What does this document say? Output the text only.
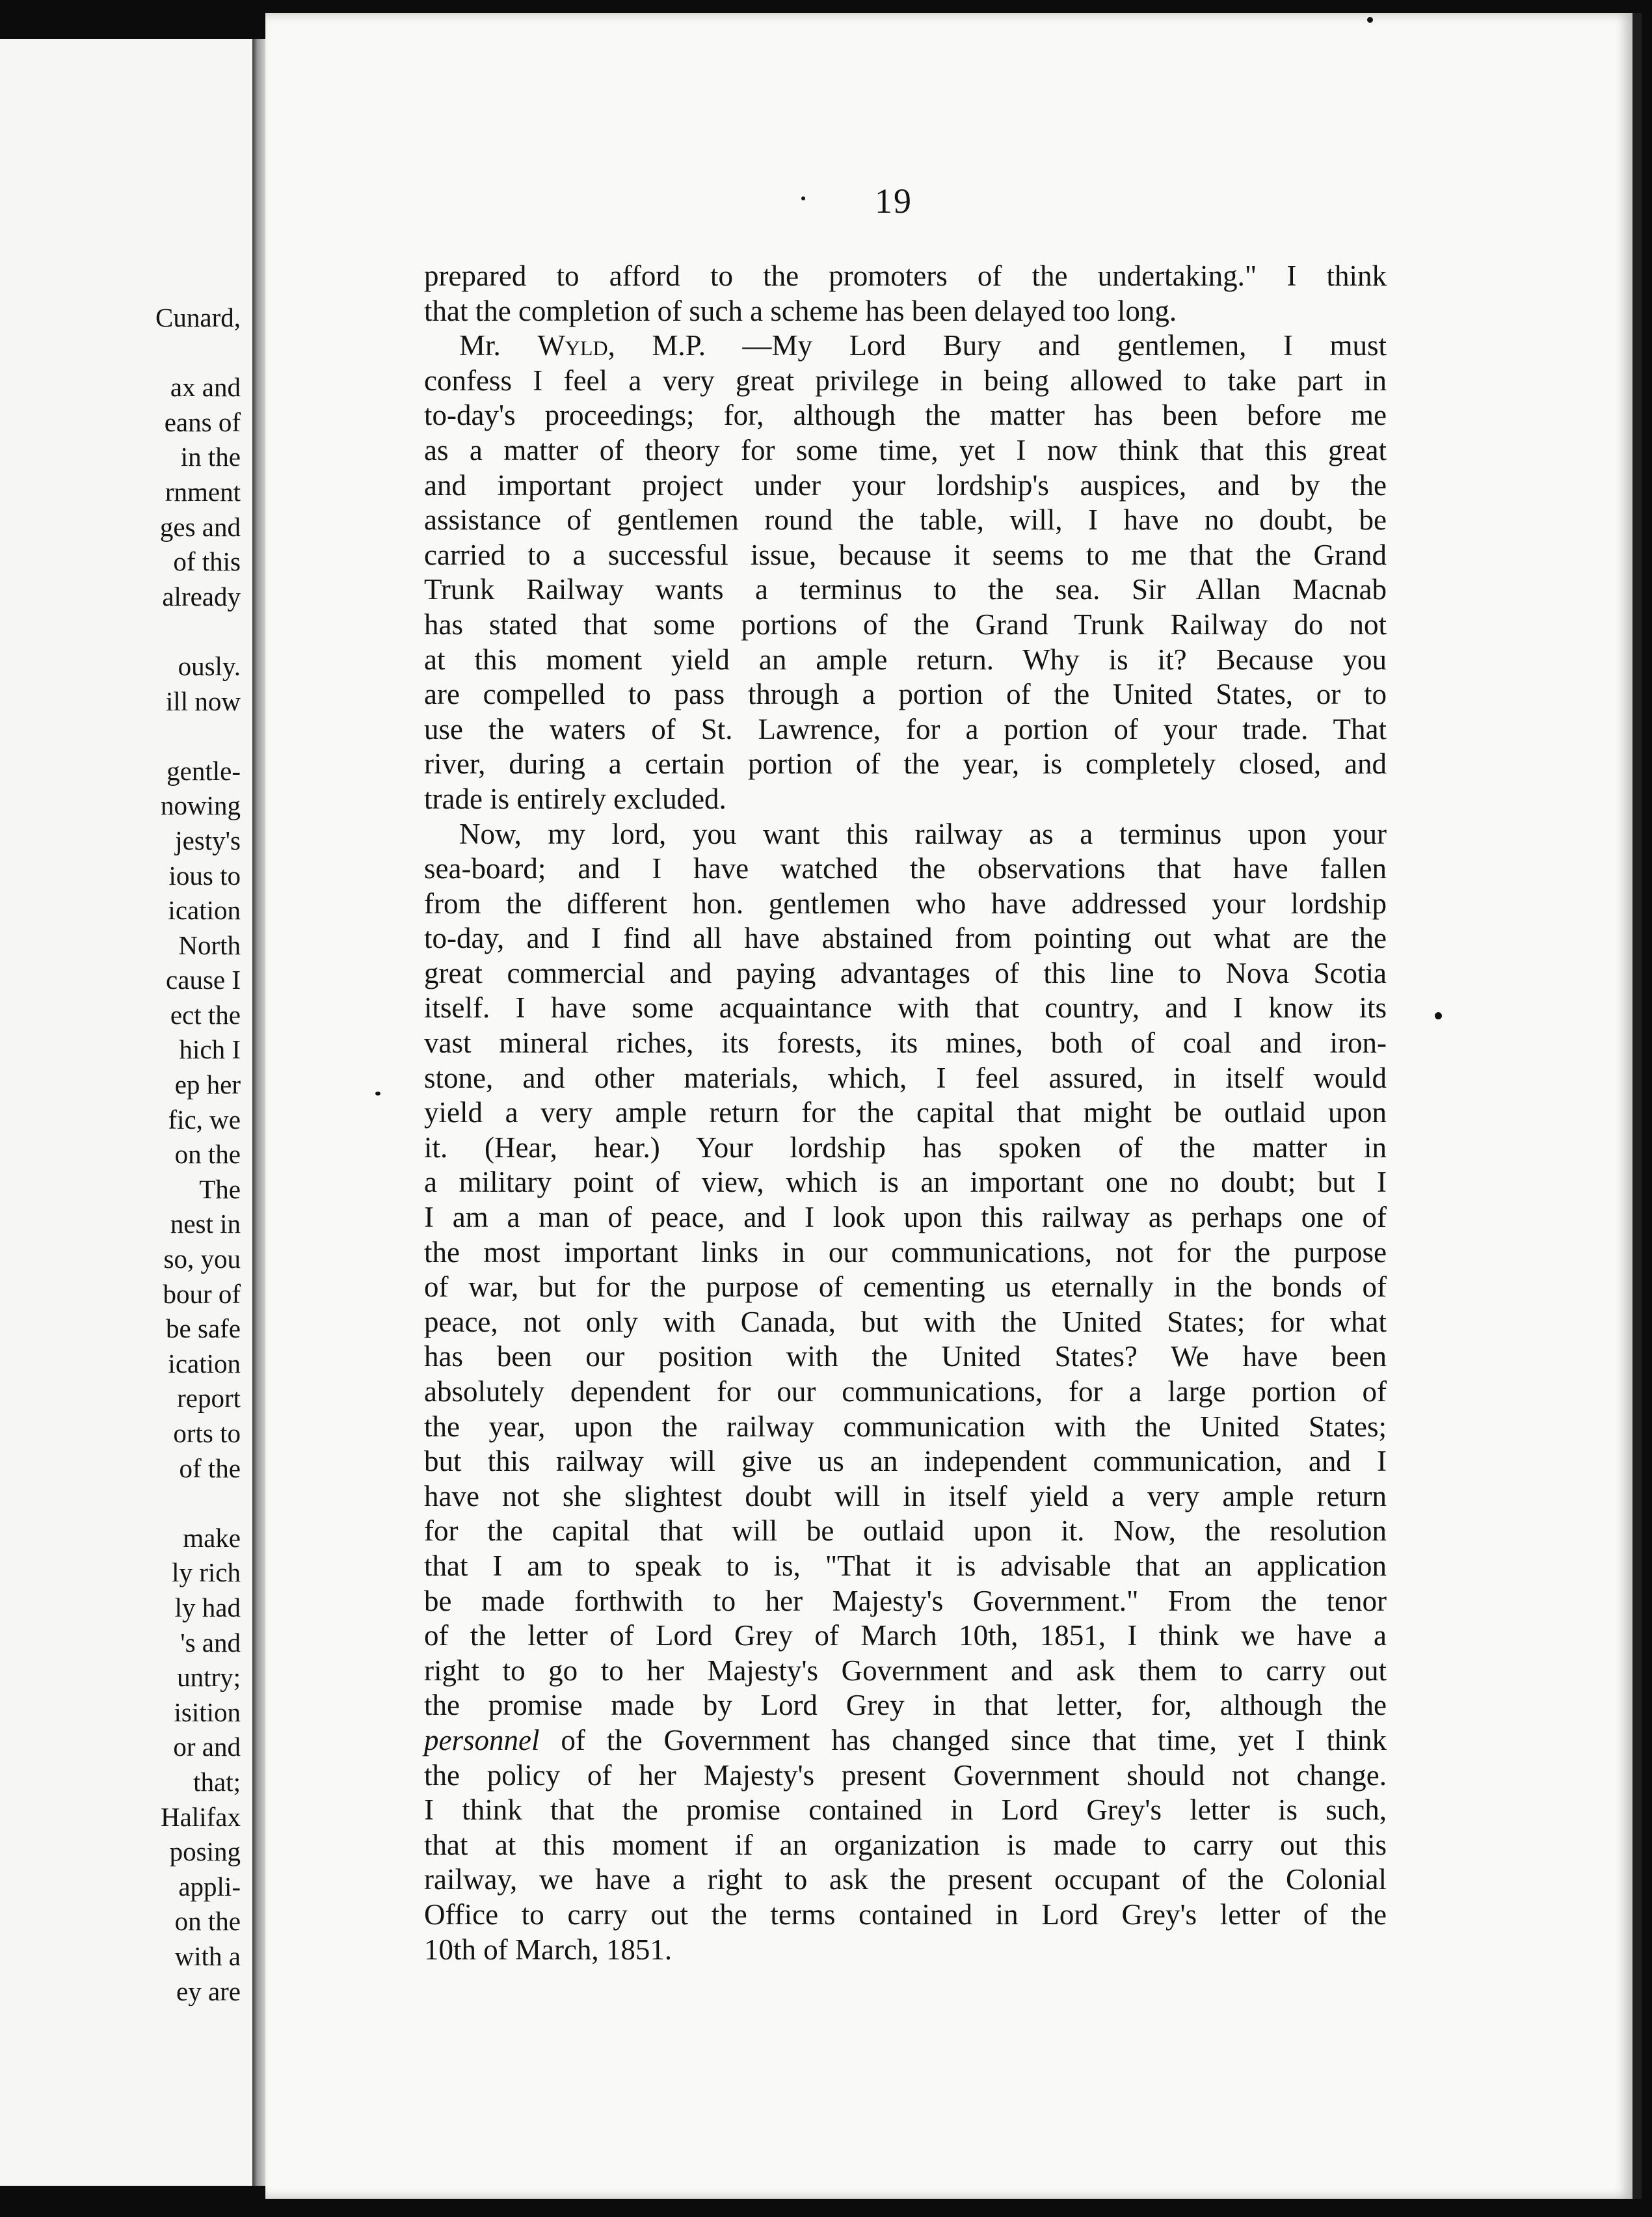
Cunard,
ax and
eans of
in the
rnment
ges and
of this
already
ously.
ill now
gentle-
nowing
jesty's
ious to
ication
North
cause I
ect the
hich I
ep her
fic, we
on the
The
nest in
so, you
bour of
be safe
ication
report
orts to
of the
make
ly rich
ly had
's and
untry;
isition
or and
that;
Halifax
posing
appli-
on the
with a
ey are
19
prepared to afford to the promoters of the undertaking." I think
that the completion of such a scheme has been delayed too long.
Mr. Wyld, M.P. —My Lord Bury and gentlemen, I must
confess I feel a very great privilege in being allowed to take part in
to-day's proceedings; for, although the matter has been before me
as a matter of theory for some time, yet I now think that this great
and important project under your lordship's auspices, and by the
assistance of gentlemen round the table, will, I have no doubt, be
carried to a successful issue, because it seems to me that the Grand
Trunk Railway wants a terminus to the sea. Sir Allan Macnab
has stated that some portions of the Grand Trunk Railway do not
at this moment yield an ample return. Why is it? Because you
are compelled to pass through a portion of the United States, or to
use the waters of St. Lawrence, for a portion of your trade. That
river, during a certain portion of the year, is completely closed, and
trade is entirely excluded.
Now, my lord, you want this railway as a terminus upon your
sea-board; and I have watched the observations that have fallen
from the different hon. gentlemen who have addressed your lordship
to-day, and I find all have abstained from pointing out what are the
great commercial and paying advantages of this line to Nova Scotia
itself. I have some acquaintance with that country, and I know its
vast mineral riches, its forests, its mines, both of coal and iron-
stone, and other materials, which, I feel assured, in itself would
yield a very ample return for the capital that might be outlaid upon
it. (Hear, hear.) Your lordship has spoken of the matter in
a military point of view, which is an important one no doubt; but I
I am a man of peace, and I look upon this railway as perhaps one of
the most important links in our communications, not for the purpose
of war, but for the purpose of cementing us eternally in the bonds of
peace, not only with Canada, but with the United States; for what
has been our position with the United States? We have been
absolutely dependent for our communications, for a large portion of
the year, upon the railway communication with the United States;
but this railway will give us an independent communication, and I
have not she slightest doubt will in itself yield a very ample return
for the capital that will be outlaid upon it. Now, the resolution
that I am to speak to is, "That it is advisable that an application
be made forthwith to her Majesty's Government." From the tenor
of the letter of Lord Grey of March 10th, 1851, I think we have a
right to go to her Majesty's Government and ask them to carry out
the promise made by Lord Grey in that letter, for, although the
personnel of the Government has changed since that time, yet I think
the policy of her Majesty's present Government should not change.
I think that the promise contained in Lord Grey's letter is such,
that at this moment if an organization is made to carry out this
railway, we have a right to ask the present occupant of the Colonial
Office to carry out the terms contained in Lord Grey's letter of the
10th of March, 1851.
